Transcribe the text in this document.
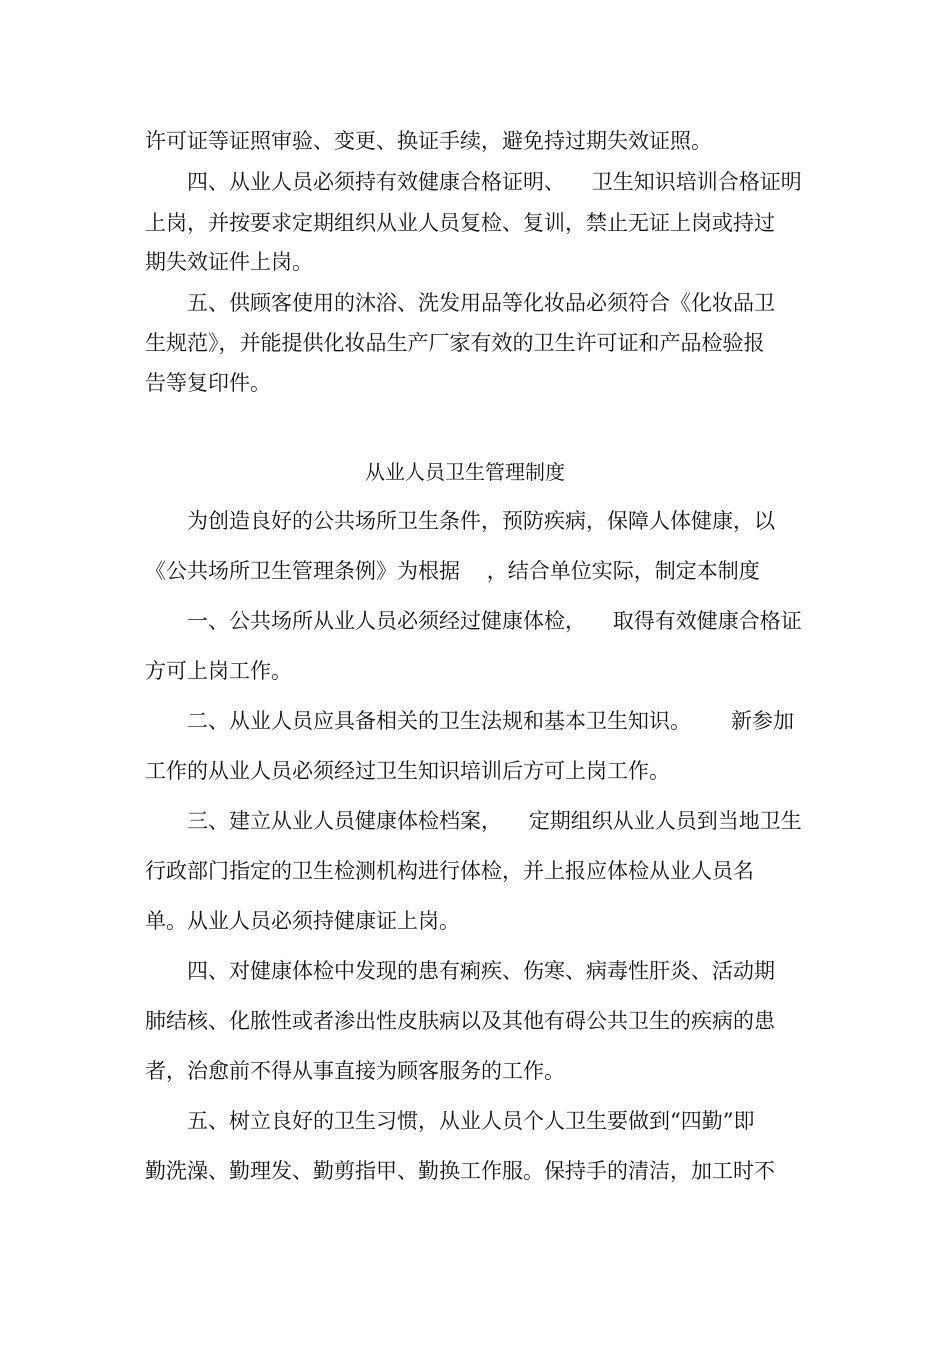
许可证等证照审验、变更、换证手续，避免持过期失效证照。
四、从业人员必须持有效健康合格证明、    卫生知识培训合格证明
上岗，并按要求定期组织从业人员复检、复训，禁止无证上岗或持过
期失效证件上岗。
五、供顾客使用的沐浴、洗发用品等化妆品必须符合《化妆品卫
生规范》，并能提供化妆品生产厂家有效的卫生许可证和产品检验报
告等复印件。
从业人员卫生管理制度
为创造良好的公共场所卫生条件，预防疾病，保障人体健康，以
《公共场所卫生管理条例》为根据    ，结合单位实际，制定本制度
一、公共场所从业人员必须经过健康体检，    取得有效健康合格证
方可上岗工作。
二、从业人员应具备相关的卫生法规和基本卫生知识。      新参加
工作的从业人员必须经过卫生知识培训后方可上岗工作。
三、建立从业人员健康体检档案，    定期组织从业人员到当地卫生
行政部门指定的卫生检测机构进行体检，并上报应体检从业人员名
单。从业人员必须持健康证上岗。
四、对健康体检中发现的患有痢疾、伤寒、病毒性肝炎、活动期
肺结核、化脓性或者渗出性皮肤病以及其他有碍公共卫生的疾病的患
者，治愈前不得从事直接为顾客服务的工作。
五、树立良好的卫生习惯，从业人员个人卫生要做到“四勤”即
勤洗澡、勤理发、勤剪指甲、勤换工作服。保持手的清洁，加工时不
